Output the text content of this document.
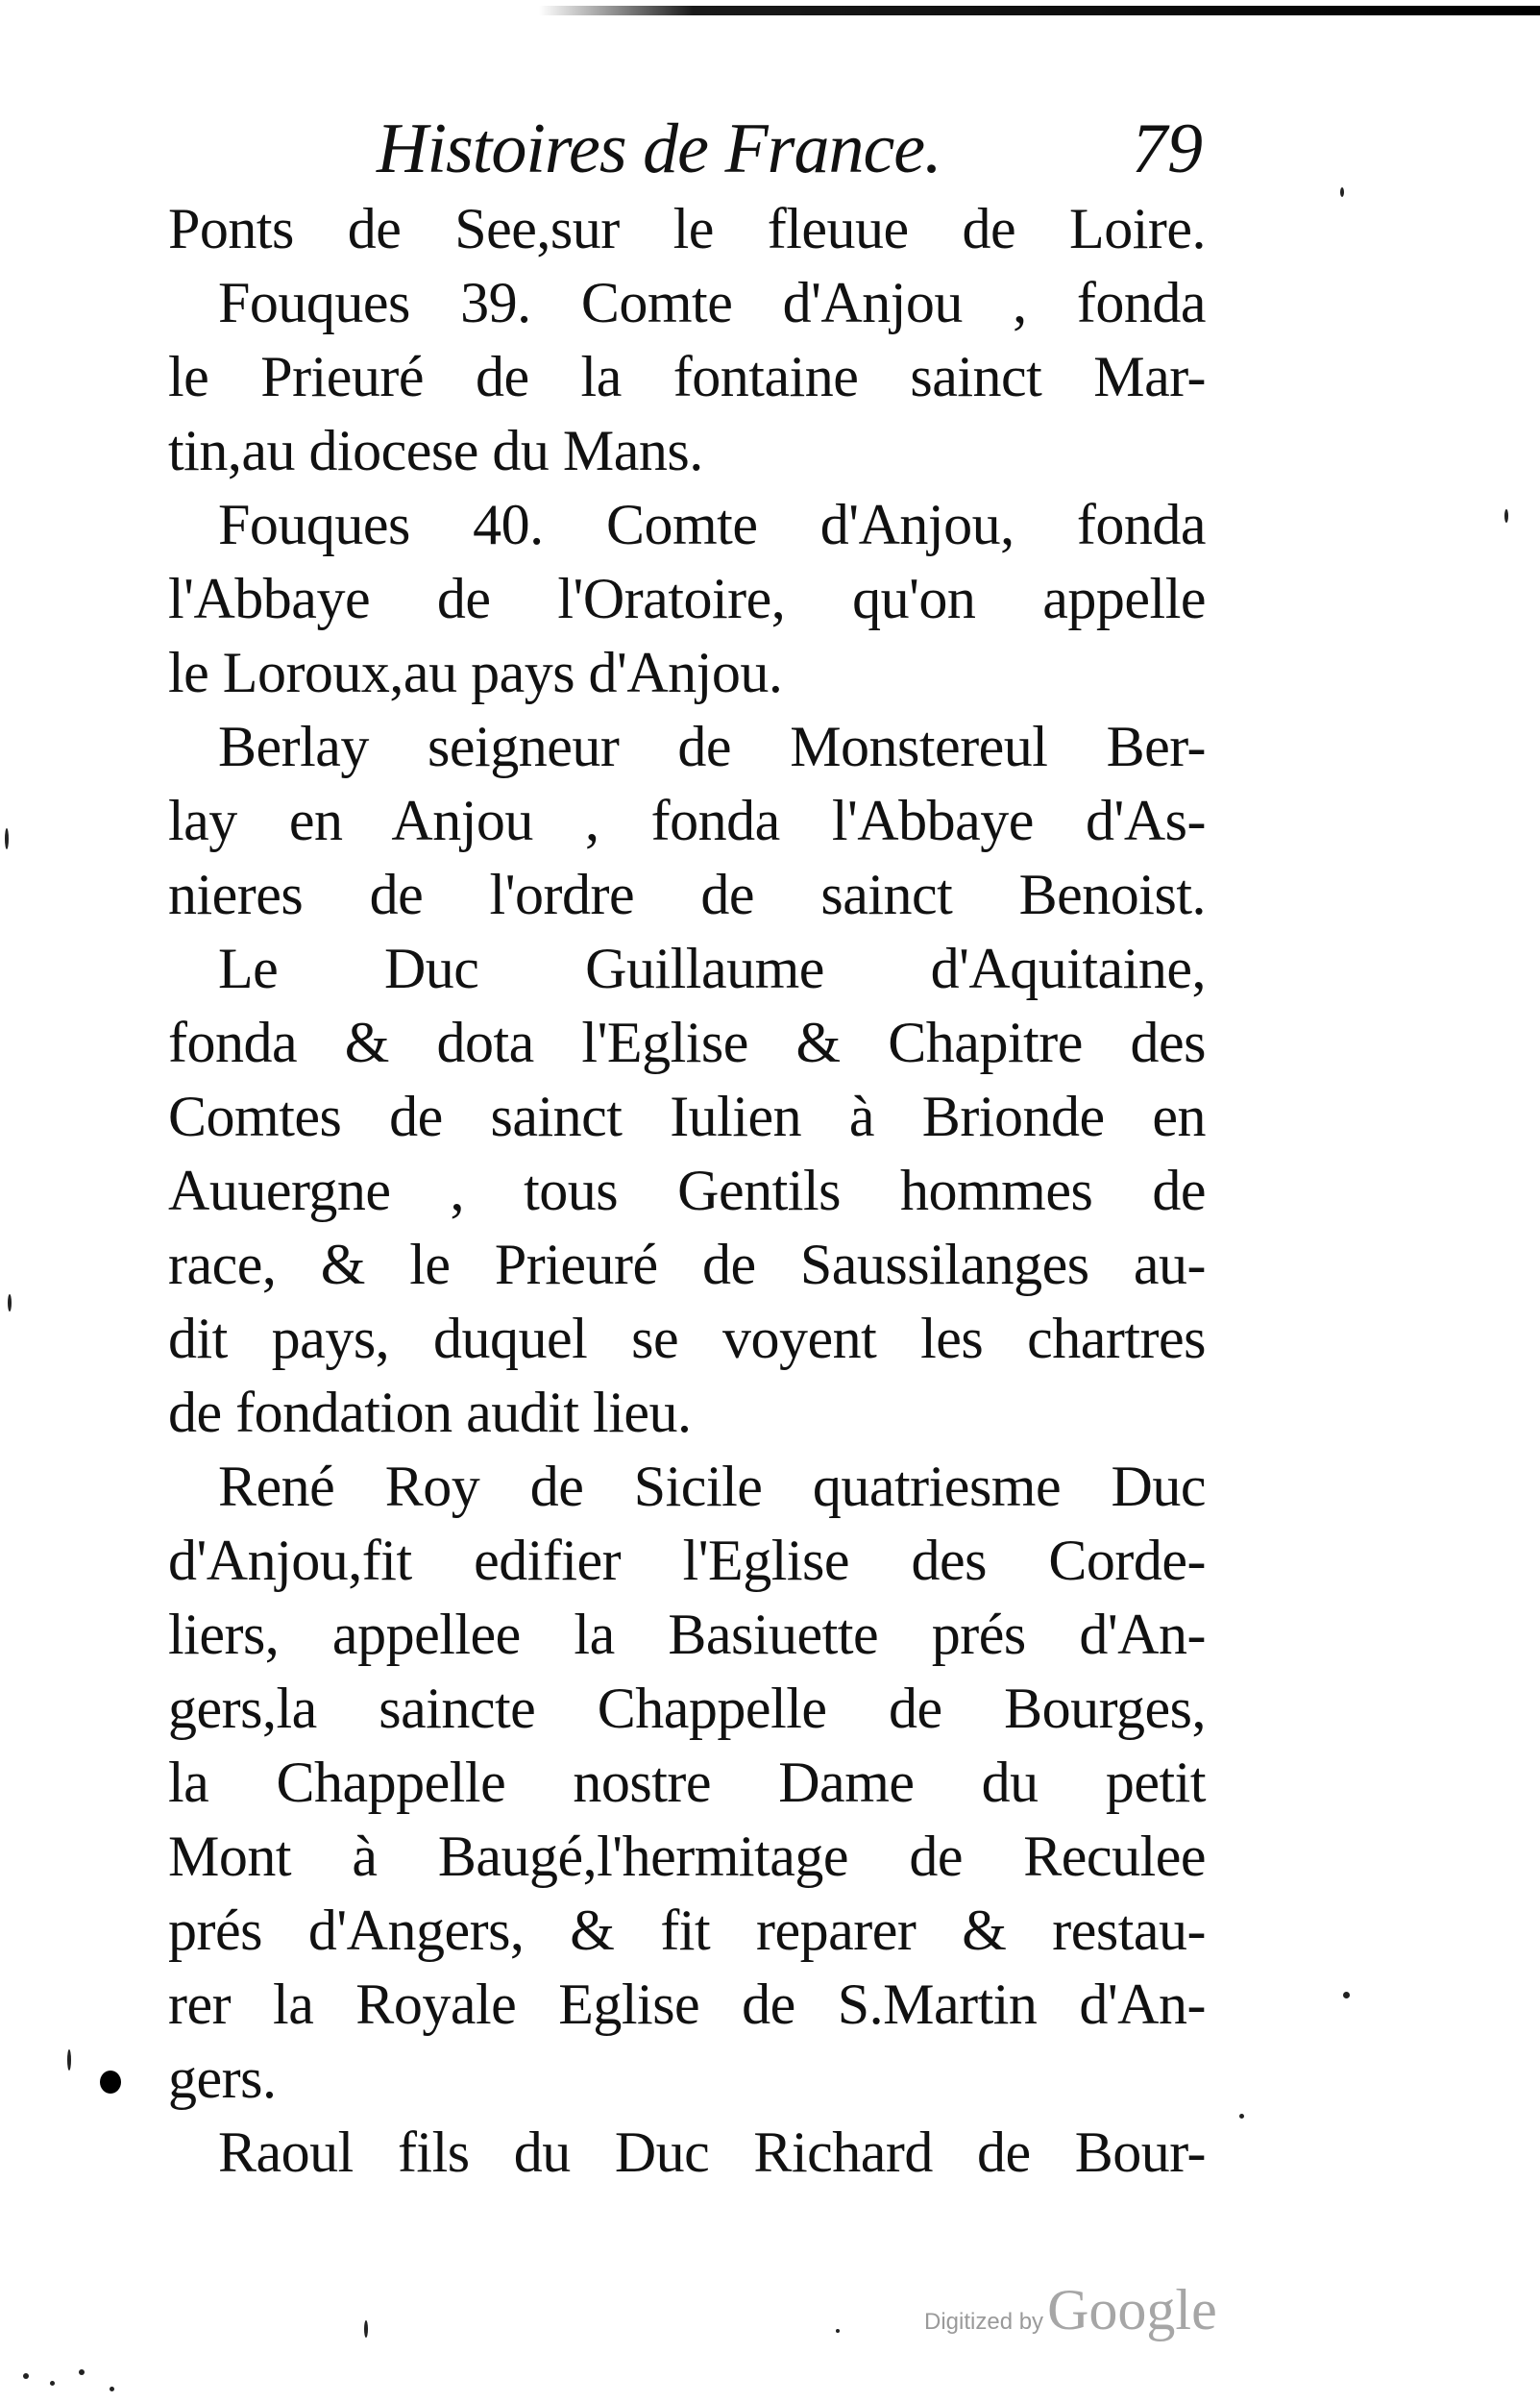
Histoires de France.	79
Ponts de See,sur le fleuue de Loire.
Fouques 39. Comte d'Anjou , fonda
le Prieuré de la fontaine sainct Mar-
tin,au diocese du Mans.
Fouques 40. Comte d'Anjou, fonda
l'Abbaye de l'Oratoire, qu'on appelle
le Loroux,au pays d'Anjou.
Berlay seigneur de Monstereul Ber-
lay en Anjou , fonda l'Abbaye d'As-
nieres de l'ordre de sainct Benoist.
Le Duc Guillaume d'Aquitaine,
fonda & dota l'Eglise & Chapitre des
Comtes de sainct Iulien à Brionde en
Auuergne , tous Gentils hommes de
race, & le Prieuré de Saussilanges au-
dit pays, duquel se voyent les chartres
de fondation audit lieu.
René Roy de Sicile quatriesme Duc
d'Anjou,fit edifier l'Eglise des Corde-
liers, appellee la Basiuette prés d'An-
gers,la saincte Chappelle de Bourges,
la Chappelle nostre Dame du petit
Mont à Baugé,l'hermitage de Reculee
prés d'Angers, & fit reparer & restau-
rer la Royale Eglise de S.Martin d'An-
gers.
Raoul fils du Duc Richard de Bour-
Digitized by Google
